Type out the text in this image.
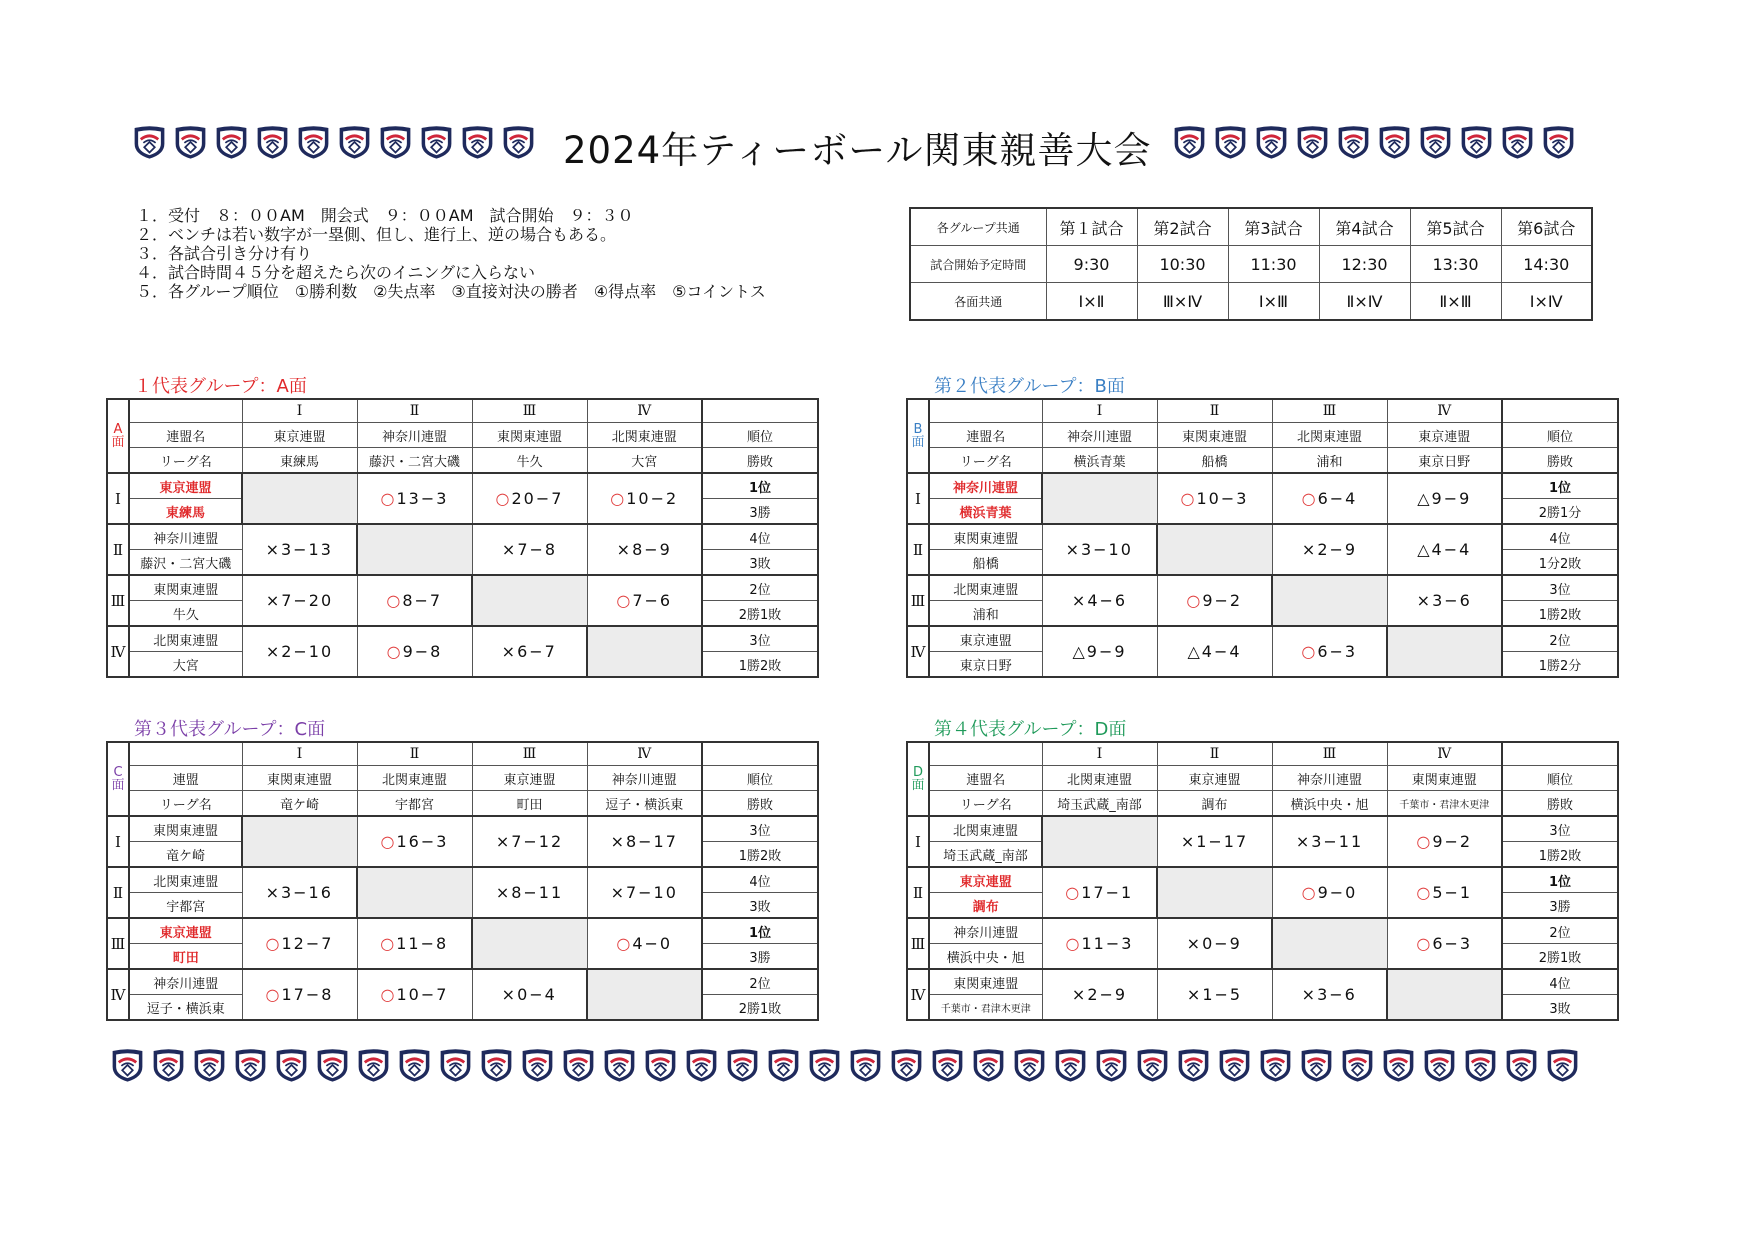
2024年ティーボール関東親善大会
１．受付　８：００AM　開会式　９：００AM　試合開始　９：３０
２．ベンチは若い数字が一塁側、但し、進行上、逆の場合もある。
３．各試合引き分け有り
４．試合時間４５分を超えたら次のイニングに入らない
５．各グループ順位　①勝利数　②失点率　③直接対決の勝者　④得点率　⑤コイントス
各グループ共通	第１試合	第2試合	第3試合	第4試合	第5試合	第6試合
試合開始予定時間	9:30	10:30	11:30	12:30	13:30	14:30
各面共通	Ⅰ×Ⅱ	Ⅲ×Ⅳ	Ⅰ×Ⅲ	Ⅱ×Ⅳ	Ⅱ×Ⅲ	Ⅰ×Ⅳ
１代表グループ：A面
A
面		Ⅰ	Ⅱ	Ⅲ	Ⅳ	
	連盟名	東京連盟	神奈川連盟	東関東連盟	北関東連盟	順位
	リーグ名	東練馬	藤沢・二宮大磯	牛久	大宮	勝敗
Ⅰ	東京連盟		○13−3	○20−7	○10−2	1位
	東練馬					3勝
Ⅱ	神奈川連盟	×3−13		×7−8	×8−9	4位
	藤沢・二宮大磯					3敗
Ⅲ	東関東連盟	×7−20	○8−7		○7−6	2位
	牛久					2勝1敗
Ⅳ	北関東連盟	×2−10	○9−8	×6−7		3位
	大宮					1勝2敗
第２代表グループ：B面
B
面		Ⅰ	Ⅱ	Ⅲ	Ⅳ	
	連盟名	神奈川連盟	東関東連盟	北関東連盟	東京連盟	順位
	リーグ名	横浜青葉	船橋	浦和	東京日野	勝敗
Ⅰ	神奈川連盟		○10−3	○6−4	△9−9	1位
	横浜青葉					2勝1分
Ⅱ	東関東連盟	×3−10		×2−9	△4−4	4位
	船橋					1分2敗
Ⅲ	北関東連盟	×4−6	○9−2		×3−6	3位
	浦和					1勝2敗
Ⅳ	東京連盟	△9−9	△4−4	○6−3		2位
	東京日野					1勝2分
第３代表グループ：C面
C
面		Ⅰ	Ⅱ	Ⅲ	Ⅳ	
	連盟	東関東連盟	北関東連盟	東京連盟	神奈川連盟	順位
	リーグ名	竜ケ崎	宇都宮	町田	逗子・横浜東	勝敗
Ⅰ	東関東連盟		○16−3	×7−12	×8−17	3位
	竜ケ崎					1勝2敗
Ⅱ	北関東連盟	×3−16		×8−11	×7−10	4位
	宇都宮					3敗
Ⅲ	東京連盟	○12−7	○11−8		○4−0	1位
	町田					3勝
Ⅳ	神奈川連盟	○17−8	○10−7	×0−4		2位
	逗子・横浜東					2勝1敗
第４代表グループ：D面
D
面		Ⅰ	Ⅱ	Ⅲ	Ⅳ	
	連盟名	北関東連盟	東京連盟	神奈川連盟	東関東連盟	順位
	リーグ名	埼玉武蔵_南部	調布	横浜中央・旭	千葉市・君津木更津	勝敗
Ⅰ	北関東連盟		×1−17	×3−11	○9−2	3位
	埼玉武蔵_南部					1勝2敗
Ⅱ	東京連盟	○17−1		○9−0	○5−1	1位
	調布					3勝
Ⅲ	神奈川連盟	○11−3	×0−9		○6−3	2位
	横浜中央・旭					2勝1敗
Ⅳ	東関東連盟	×2−9	×1−5	×3−6		4位
	千葉市・君津木更津					3敗
